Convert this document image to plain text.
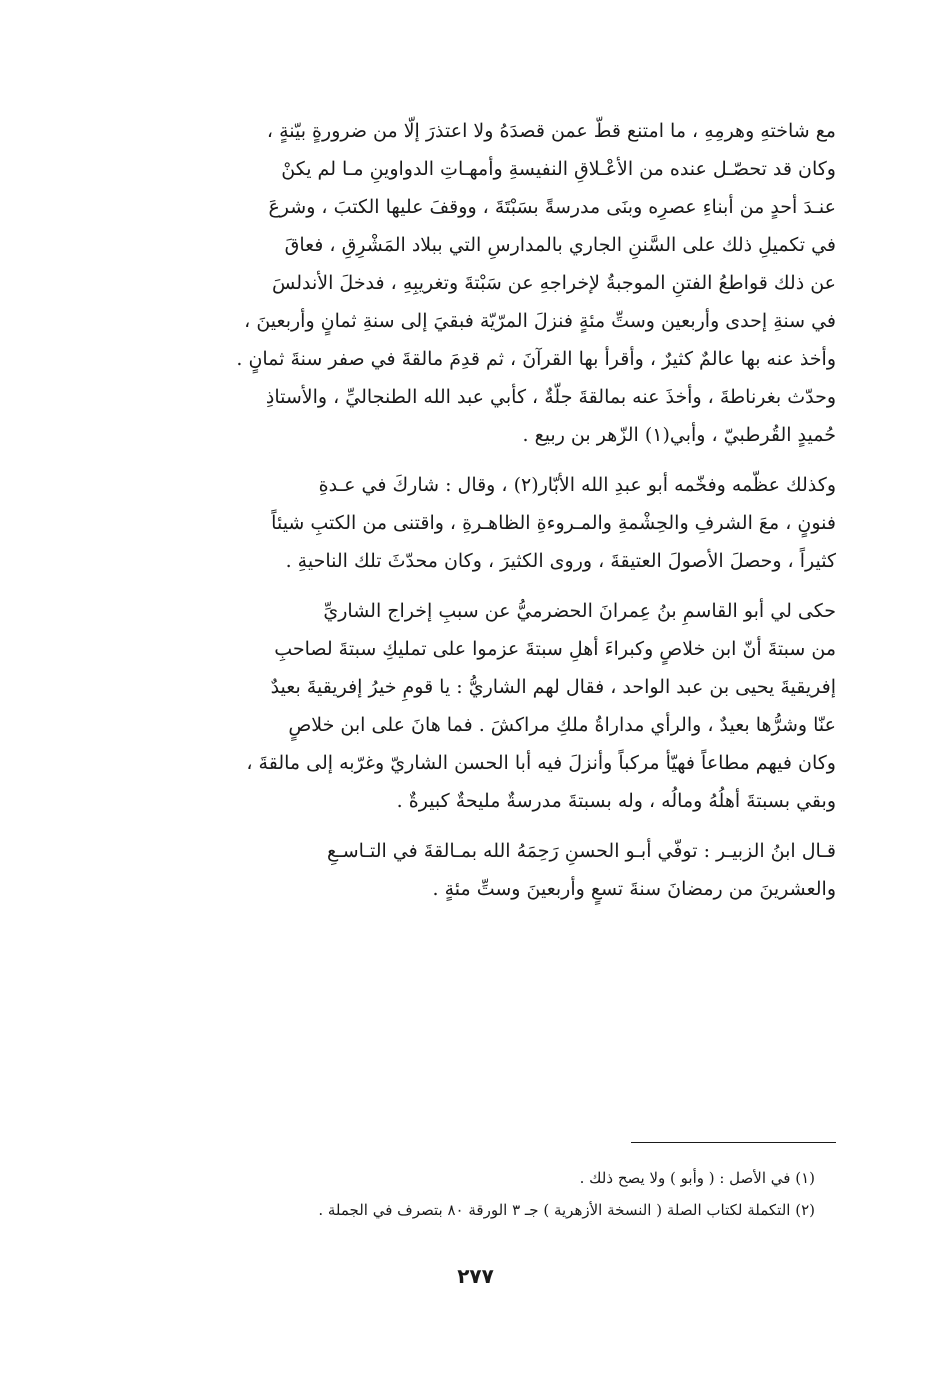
مع شاختهِ وهرمِهِ ، ما امتنع قطّ عمن قصدَهُ ولا اعتذرَ إلّا من ضرورةٍ بيّنةٍ ،
وكان قد تحصّـل عنده من الأعْـلاقِ النفيسةِ وأمهـاتِ الدواوينِ مـا لم يكنْ
عنـدَ أحدٍ من أبناءِ عصرِه وبنَى مدرسةً بسَبْتَةَ ، ووقفَ عليها الكتبَ ، وشرعَ
في تكميلِ ذلك على السَّننِ الجاري بالمدارسِ التي ببلاد المَشْرِقِ ، فعاقَ
عن ذلك قواطعُ الفتنِ الموجبةُ لإخراجهِ عن سَبْتةَ وتغريبِهِ ، فدخلَ الأندلسَ
في سنةِ إحدى وأربعين وستِّ مئةٍ فنزلَ المرّيّة فبقيَ إلى سنةِ ثمانٍ وأربعينَ ،
وأخذ عنه بها عالمٌ كثيرٌ ، وأقرأ بها القرآنَ ، ثم قدِمَ مالقةَ في صفر سنةَ ثمانٍ .
وحدّث بغرناطةَ ، وأخذَ عنه بمالقةَ جلّةٌ ، كأبي عبد الله الطنجاليِّ ، والأستاذِ
حُميدٍ القُرطبيّ ، وأبي(١) الزّهر بن ربيع .
وكذلك عظّمه وفخّمه أبو عبدِ الله الأبّار(٢) ، وقال : شاركَ في عـدةِ
فنونٍ ، معَ الشرفِ والحِشْمةِ والمـروءةِ الظاهـرةِ ، واقتنى من الكتبِ شيئاً
كثيراً ، وحصلَ الأصولَ العتيقةَ ، وروى الكثيرَ ، وكان محدّثَ تلك الناحيةِ .
حكى لي أبو القاسمِ بنُ عِمرانَ الحضرميُّ عن سببِ إخراج الشاريِّ
من سبتةَ أنّ ابن خلاصٍ وكبراءَ أهلِ سبتةَ عزموا على تمليكِ سبتةَ لصاحبِ
إفريقيةَ يحيى بن عبد الواحد ، فقال لهم الشاريُّ : يا قومِ خيرُ إفريقيةَ بعيدٌ
عنّا وشرُّها بعيدٌ ، والرأي مداراةُ ملكِ مراكشَ . فما هانَ على ابن خلاصٍ
وكان فيهم مطاعاً فهيّأ مركباً وأنزلَ فيه أبا الحسن الشاريّ وغرّبه إلى مالقةَ ،
وبقي بسبتةَ أهلُهُ ومالُه ، وله بسبتةَ مدرسةٌ مليحةٌ كبيرةٌ .
قـال ابنُ الزبيـر : توفّي أبـو الحسنِ رَحِمَهُ الله بمـالقةَ في التـاسـعِ
والعشرينَ من رمضانَ سنةَ تسعٍ وأربعينَ وستِّ مئةٍ .
(١) في الأصل : ( وأبو ) ولا يصح ذلك .
(٢) التكملة لكتاب الصلة ( النسخة الأزهرية ) جـ ٣ الورقة ٨٠ بتصرف في الجملة .
٢٧٧
